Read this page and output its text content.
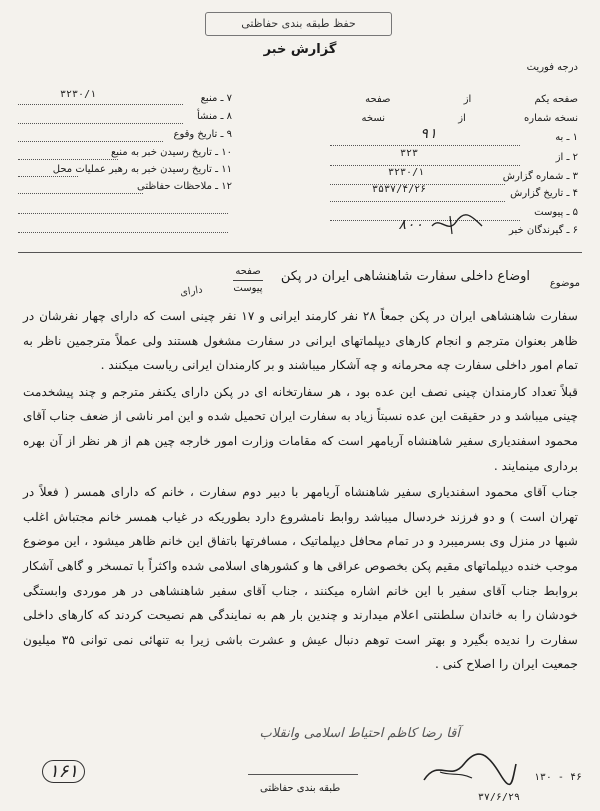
حفظ طبقه بندی حفاظتی
گزارش خبر
درجه فوریت
صفحه یکم از صفحه
نسخه شماره از نسخه
۱ ـ به
۹۱
۲ ـ از
۳۲۳
۳ ـ شماره گزارش
۳۲۳۰/۱
۴ ـ تاریخ گزارش
۳۵۳۷/۴/۲۶
۵ ـ پیوست
۶ ـ گیرندگان خبر
۸۰۰
۷ ـ منبع
۳۲۳۰/۱
۸ ـ منشأ
۹ ـ تاریخ وقوع
۱۰ ـ تاریخ رسیدن خبر به منبع
۱۱ ـ تاریخ رسیدن خبر به رهبر عملیات محل
۱۲ ـ ملاحظات حفاظتی
صفحه
پیوست	موضوع
اوضاع داخلی سفارت شاهنشاهی ایران در پکن
دارای

سفارت شاهنشاهی ایران در پکن جمعاً ۲۸ نفر کارمند ایرانی و ۱۷ نفر چینی است که دارای چهار نفرشان در ظاهر بعنوان مترجم و انجام کارهای دیپلماتهای ایرانی در سفارت مشغول هستند ولی عملاً مترجمین ناظر به تمام امور داخلی سفارت چه محرمانه و چه آشکار میباشند و بر کارمندان ایرانی ریاست میکنند .

قبلاً تعداد کارمندان چینی نصف این عده بود ، هر سفارتخانه ای در پکن دارای یکنفر مترجم و چند پیشخدمت چینی میباشد و در حقیقت این عده نسبتاً زیاد به سفارت ایران تحمیل شده و این امر ناشی از ضعف جناب آقای محمود اسفندیاری سفیر شاهنشاه آریامهر است که مقامات وزارت امور خارجه چین هم از هر نظر از آن بهره برداری مینمایند .

جناب آقای محمود اسفندیاری سفیر شاهنشاه آریامهر با دبیر دوم سفارت ، خانم که دارای همسر ( فعلاً در تهران است ) و دو فرزند خردسال میباشد روابط نامشروع دارد بطوریکه در غیاب همسر خانم مجتباش اغلب شبها در منزل وی بسرمیبرد و در تمام محافل دیپلماتیک ، مسافرتها باتفاق این خانم ظاهر میشود ، این موضوع موجب خنده دیپلماتهای مقیم پکن بخصوص عراقی ها و کشورهای اسلامی شده واکثراً با تمسخر و گاهی آشکار بروابط جناب آقای سفیر با این خانم اشاره میکنند ، جناب آقای سفیر شاهنشاهی در هر موردی وابستگی خودشان را به خاندان سلطنتی اعلام میدارند و چندین بار هم به نمایندگی هم نصیحت کردند که کارهای داخلی سفارت را ندیده بگیرد و بهتر است توهم دنبال عیش و عشرت باشی زیرا به تنهائی نمی توانی ۳۵ میلیون جمعیت ایران را اصلاح کنی .

آقا رضا کاظم احتیاط اسلامی وانقلاب
طبقه بندی حفاظتی
۱۶۱	۴۶ - ۱۳۰
۳۷/۶/۲۹
